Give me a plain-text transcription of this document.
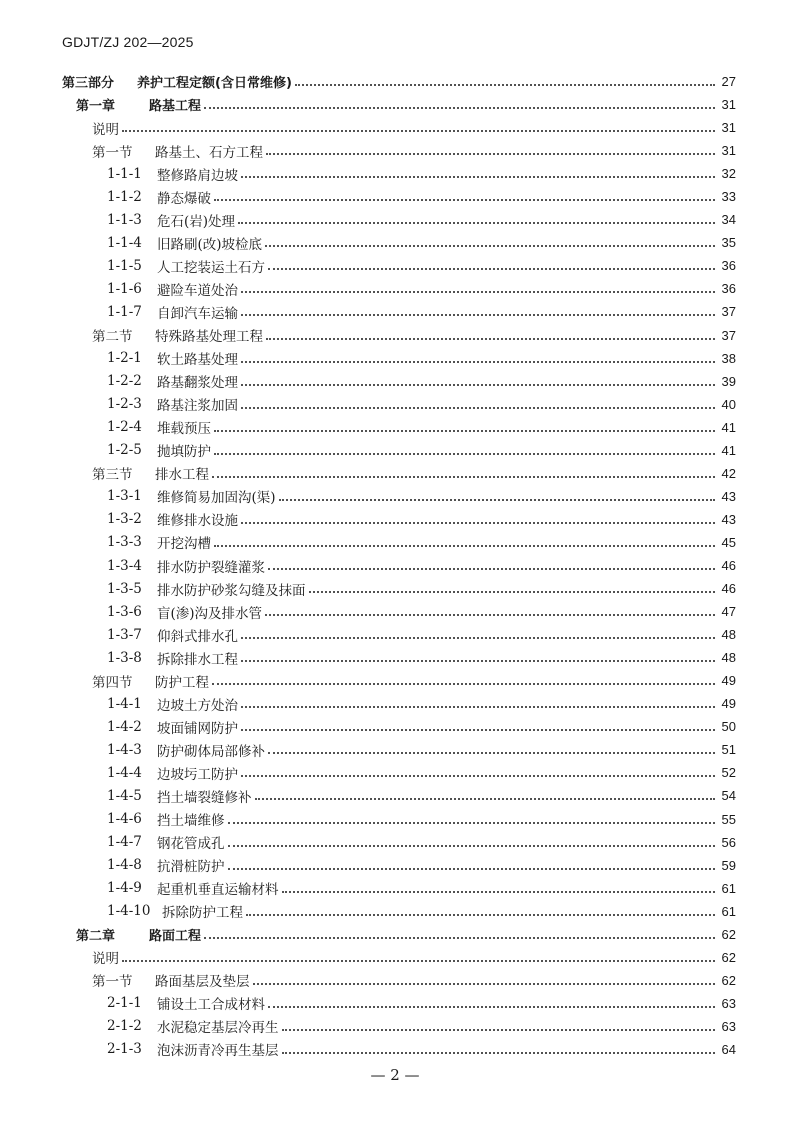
GDJT/ZJ 202—2025
第三部分	养护工程定额(含日常维修)	27
第一章	路基工程	31
说明	31
第一节	路基土、石方工程	31
1-1-1	整修路肩边坡	32
1-1-2	静态爆破	33
1-1-3	危石(岩)处理	34
1-1-4	旧路刷(改)坡检底	35
1-1-5	人工挖装运土石方	36
1-1-6	避险车道处治	36
1-1-7	自卸汽车运输	37
第二节	特殊路基处理工程	37
1-2-1	软土路基处理	38
1-2-2	路基翻浆处理	39
1-2-3	路基注浆加固	40
1-2-4	堆载预压	41
1-2-5	抛填防护	41
第三节	排水工程	42
1-3-1	维修简易加固沟(渠)	43
1-3-2	维修排水设施	43
1-3-3	开挖沟槽	45
1-3-4	排水防护裂缝灌浆	46
1-3-5	排水防护砂浆勾缝及抹面	46
1-3-6	盲(渗)沟及排水管	47
1-3-7	仰斜式排水孔	48
1-3-8	拆除排水工程	48
第四节	防护工程	49
1-4-1	边坡土方处治	49
1-4-2	坡面铺网防护	50
1-4-3	防护砌体局部修补	51
1-4-4	边坡圬工防护	52
1-4-5	挡土墙裂缝修补	54
1-4-6	挡土墙维修	55
1-4-7	钢花管成孔	56
1-4-8	抗滑桩防护	59
1-4-9	起重机垂直运输材料	61
1-4-10 拆除防护工程	61
第二章	路面工程	62
说明	62
第一节	路面基层及垫层	62
2-1-1	铺设土工合成材料	63
2-1-2	水泥稳定基层冷再生	63
2-1-3	泡沫沥青冷再生基层	64
— 2 —
